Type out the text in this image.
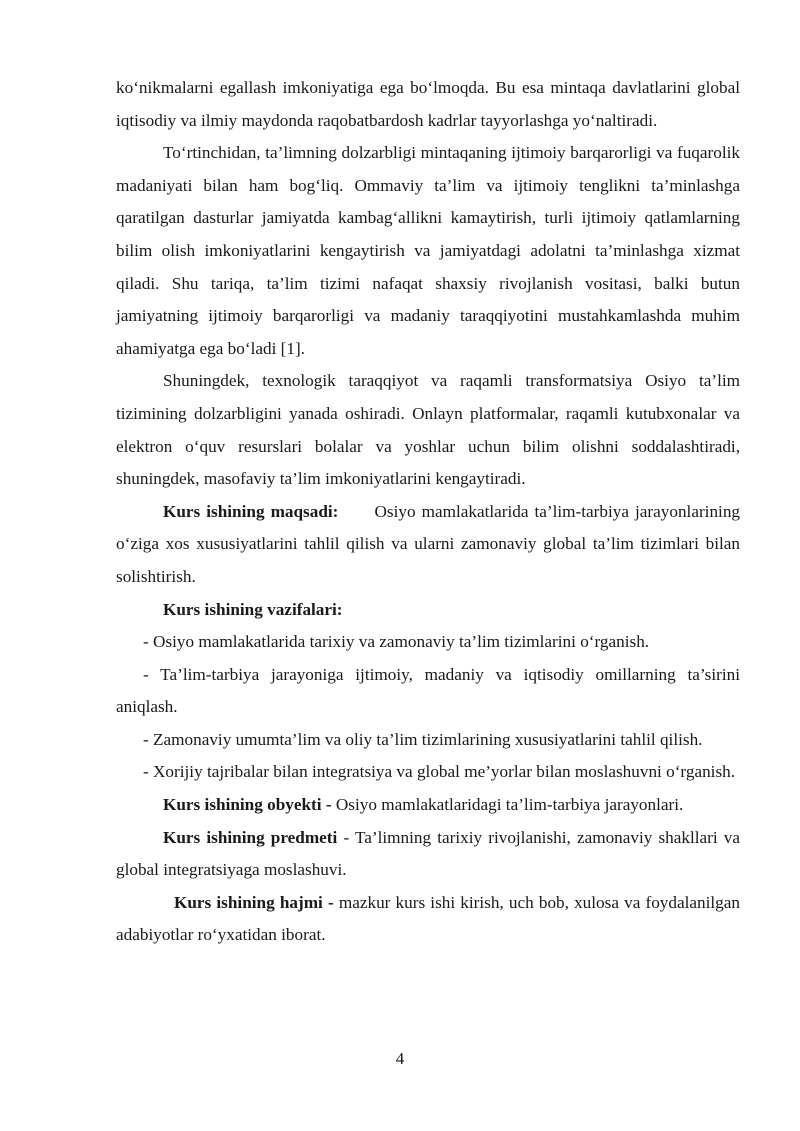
ko‘nikmalarni egallash imkoniyatiga ega bo‘lmoqda. Bu esa mintaqa davlatlarini global iqtisodiy va ilmiy maydonda raqobatbardosh kadrlar tayyorlashga yo‘naltiradi.

To‘rtinchidan, ta’limning dolzarbligi mintaqaning ijtimoiy barqarorligi va fuqarolik madaniyati bilan ham bog‘liq. Ommaviy ta’lim va ijtimoiy tenglikni ta’minlashga qaratilgan dasturlar jamiyatda kambag‘allikni kamaytirish, turli ijtimoiy qatlamlarning bilim olish imkoniyatlarini kengaytirish va jamiyatdagi adolatni ta’minlashga xizmat qiladi. Shu tariqa, ta’lim tizimi nafaqat shaxsiy rivojlanish vositasi, balki butun jamiyatning ijtimoiy barqarorligi va madaniy taraqqiyotini mustahkamlashda muhim ahamiyatga ega bo‘ladi [1].

Shuningdek, texnologik taraqqiyot va raqamli transformatsiya Osiyo ta’lim tizimining dolzarbligini yanada oshiradi. Onlayn platformalar, raqamli kutubxonalar va elektron o‘quv resurslari bolalar va yoshlar uchun bilim olishni soddalashtiradi, shuningdek, masofaviy ta’lim imkoniyatlarini kengaytiradi.

Kurs ishining maqsadi: Osiyo mamlakatlarida ta’lim-tarbiya jarayonlarining o‘ziga xos xususiyatlarini tahlil qilish va ularni zamonaviy global ta’lim tizimlari bilan solishtirish.

Kurs ishining vazifalari:

- Osiyo mamlakatlarida tarixiy va zamonaviy ta’lim tizimlarini o‘rganish.

- Ta’lim-tarbiya jarayoniga ijtimoiy, madaniy va iqtisodiy omillarning ta’sirini aniqlash.

- Zamonaviy umumta’lim va oliy ta’lim tizimlarining xususiyatlarini tahlil qilish.

- Xorijiy tajribalar bilan integratsiya va global me’yorlar bilan moslashuvni o‘rganish.

Kurs ishining obyekti - Osiyo mamlakatlaridagi ta’lim-tarbiya jarayonlari.

Kurs ishining predmeti - Ta’limning tarixiy rivojlanishi, zamonaviy shakllari va global integratsiyaga moslashuvi.

Kurs ishining hajmi - mazkur kurs ishi kirish, uch bob, xulosa va foydalanilgan adabiyotlar ro‘yxatidan iborat.

4
